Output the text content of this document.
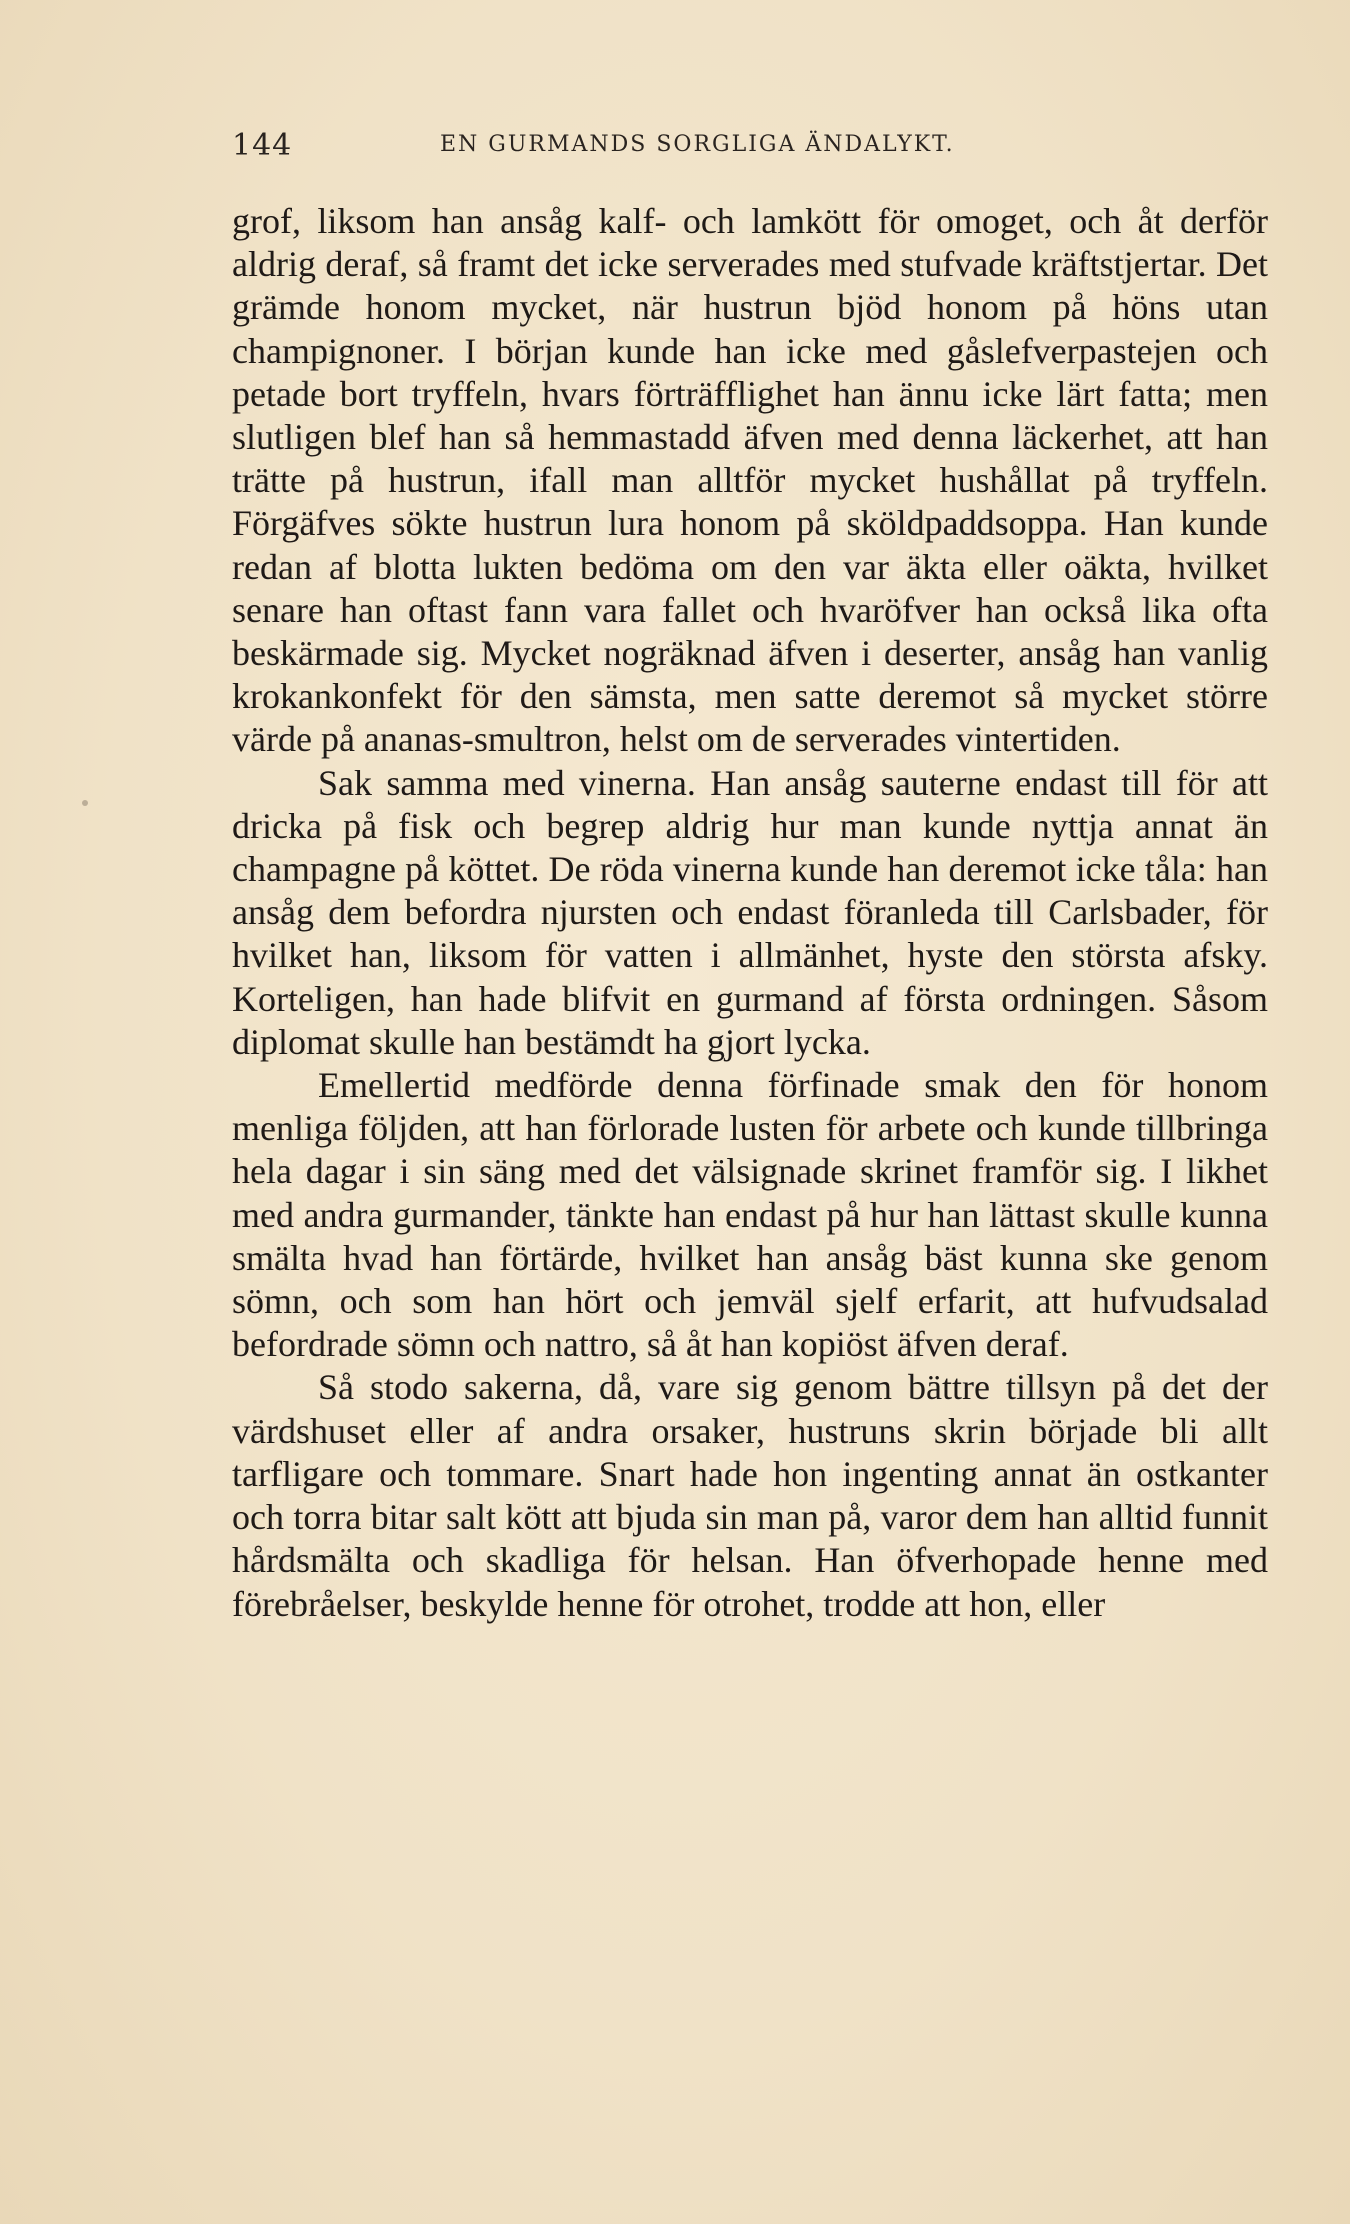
144	EN GURMANDS SORGLIGA ÄNDALYKT.

grof, liksom han ansåg kalf- och lamkött för omoget, och åt derför aldrig deraf, så framt det icke serverades med stufvade kräftstjertar. Det grämde honom mycket, när hustrun bjöd honom på höns utan champignoner. I början kunde han icke med gåslefverpastejen och petade bort tryffeln, hvars förträfflighet han ännu icke lärt fatta; men slutligen blef han så hemmastadd äfven med denna läckerhet, att han trätte på hustrun, ifall man alltför mycket hushållat på tryffeln. Förgäfves sökte hustrun lura honom på sköldpaddsoppa. Han kunde redan af blotta lukten bedöma om den var äkta eller oäkta, hvilket senare han oftast fann vara fallet och hvaröfver han också lika ofta beskärmade sig. Mycket nogräknad äfven i deserter, ansåg han vanlig krokankonfekt för den sämsta, men satte deremot så mycket större värde på ananas-smultron, helst om de serverades vintertiden.

Sak samma med vinerna. Han ansåg sauterne endast till för att dricka på fisk och begrep aldrig hur man kunde nyttja annat än champagne på köttet. De röda vinerna kunde han deremot icke tåla: han ansåg dem befordra njursten och endast föranleda till Carlsbader, för hvilket han, liksom för vatten i allmänhet, hyste den största afsky. Korteligen, han hade blifvit en gurmand af första ordningen. Såsom diplomat skulle han bestämdt ha gjort lycka.

Emellertid medförde denna förfinade smak den för honom menliga följden, att han förlorade lusten för arbete och kunde tillbringa hela dagar i sin säng med det välsignade skrinet framför sig. I likhet med andra gurmander, tänkte han endast på hur han lättast skulle kunna smälta hvad han förtärde, hvilket han ansåg bäst kunna ske genom sömn, och som han hört och jemväl sjelf erfarit, att hufvudsalad befordrade sömn och nattro, så åt han kopiöst äfven deraf.

Så stodo sakerna, då, vare sig genom bättre tillsyn på det der värdshuset eller af andra orsaker, hustruns skrin började bli allt tarfligare och tommare. Snart hade hon ingenting annat än ostkanter och torra bitar salt kött att bjuda sin man på, varor dem han alltid funnit hårdsmälta och skadliga för helsan. Han öfverhopade henne med förebråelser, beskylde henne för otrohet, trodde att hon, eller
